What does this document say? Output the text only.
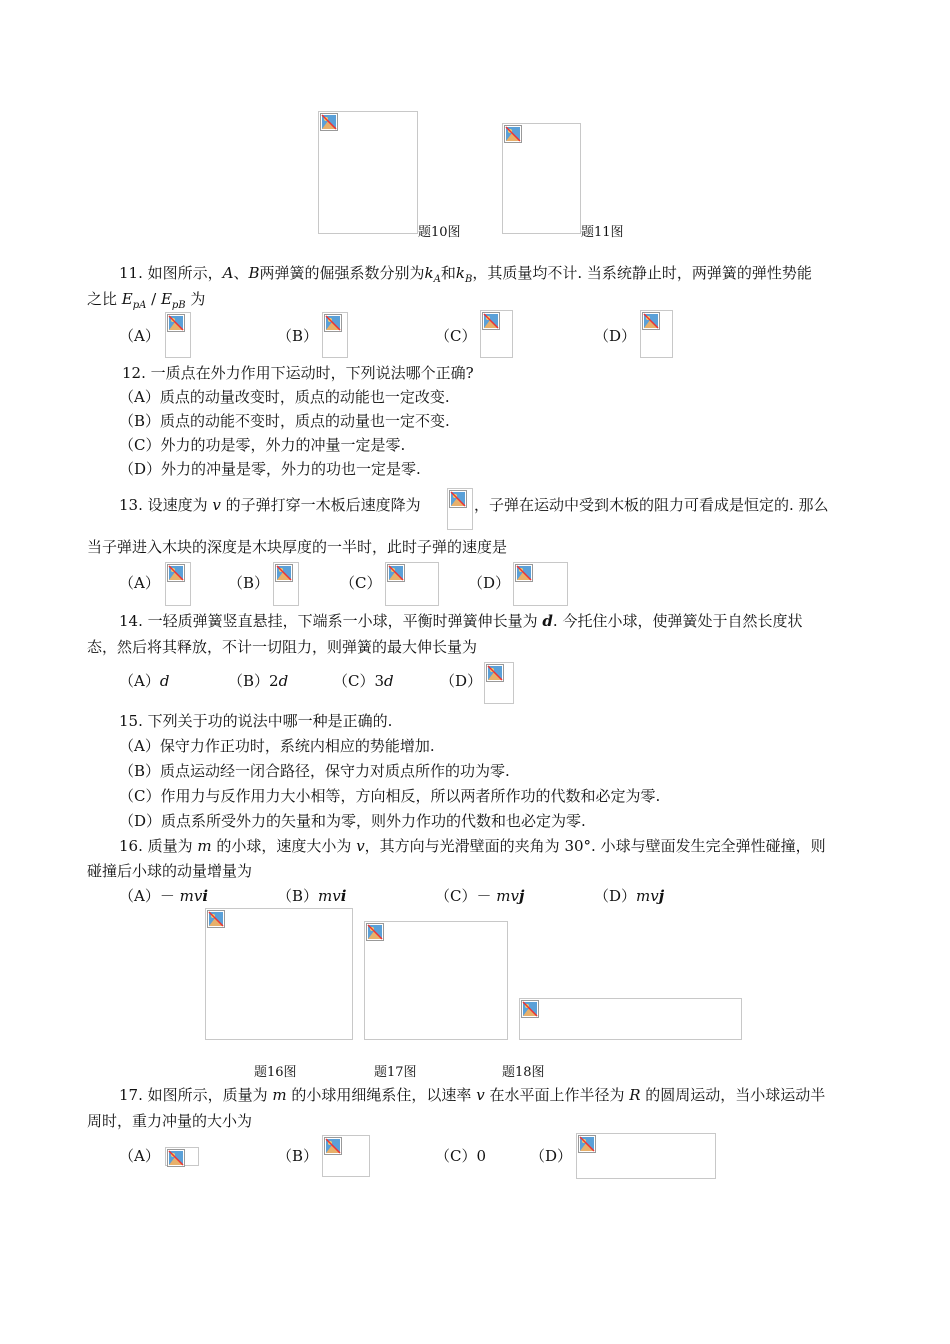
题10图	题11图
11. 如图所示，A、B两弹簧的倔强系数分别为$k_A$和$k_B$，其质量均不计. 当系统静止时，两弹簧的弹性势能
之比 $E_{pA} / E_{pB}$ 为
（A）	（B）	（C）	（D）
12. 一质点在外力作用下运动时，下列说法哪个正确?
（A）质点的动量改变时，质点的动能也一定改变.
（B）质点的动能不变时，质点的动量也一定不变.
（C）外力的功是零，外力的冲量一定是零.
（D）外力的冲量是零，外力的功也一定是零.
13. 设速度为 v 的子弹打穿一木板后速度降为	，子弹在运动中受到木板的阻力可看成是恒定的. 那么
当子弹进入木块的深度是木块厚度的一半时，此时子弹的速度是
（A）	（B）	（C）	（D）
14. 一轻质弹簧竖直悬挂，下端系一小球，平衡时弹簧伸长量为 d. 今托住小球，使弹簧处于自然长度状
态，然后将其释放，不计一切阻力，则弹簧的最大伸长量为
（A）d	（B）2d	（C）3d	（D）
15. 下列关于功的说法中哪一种是正确的.
（A）保守力作正功时，系统内相应的势能增加.
（B）质点运动经一闭合路径，保守力对质点所作的功为零.
（C）作用力与反作用力大小相等，方向相反，所以两者所作功的代数和必定为零.
（D）质点系所受外力的矢量和为零，则外力作功的代数和也必定为零.
16. 质量为 m 的小球，速度大小为 v，其方向与光滑壁面的夹角为 30°. 小球与壁面发生完全弹性碰撞，则
碰撞后小球的动量增量为
（A）－ mvi	（B）mvi	（C）－ mvj	（D）mvj
题16图	题17图	题18图
17. 如图所示，质量为 m 的小球用细绳系住，以速率 v 在水平面上作半径为 R 的圆周运动，当小球运动半
周时，重力冲量的大小为
（A）	（B）	（C）0	（D）
